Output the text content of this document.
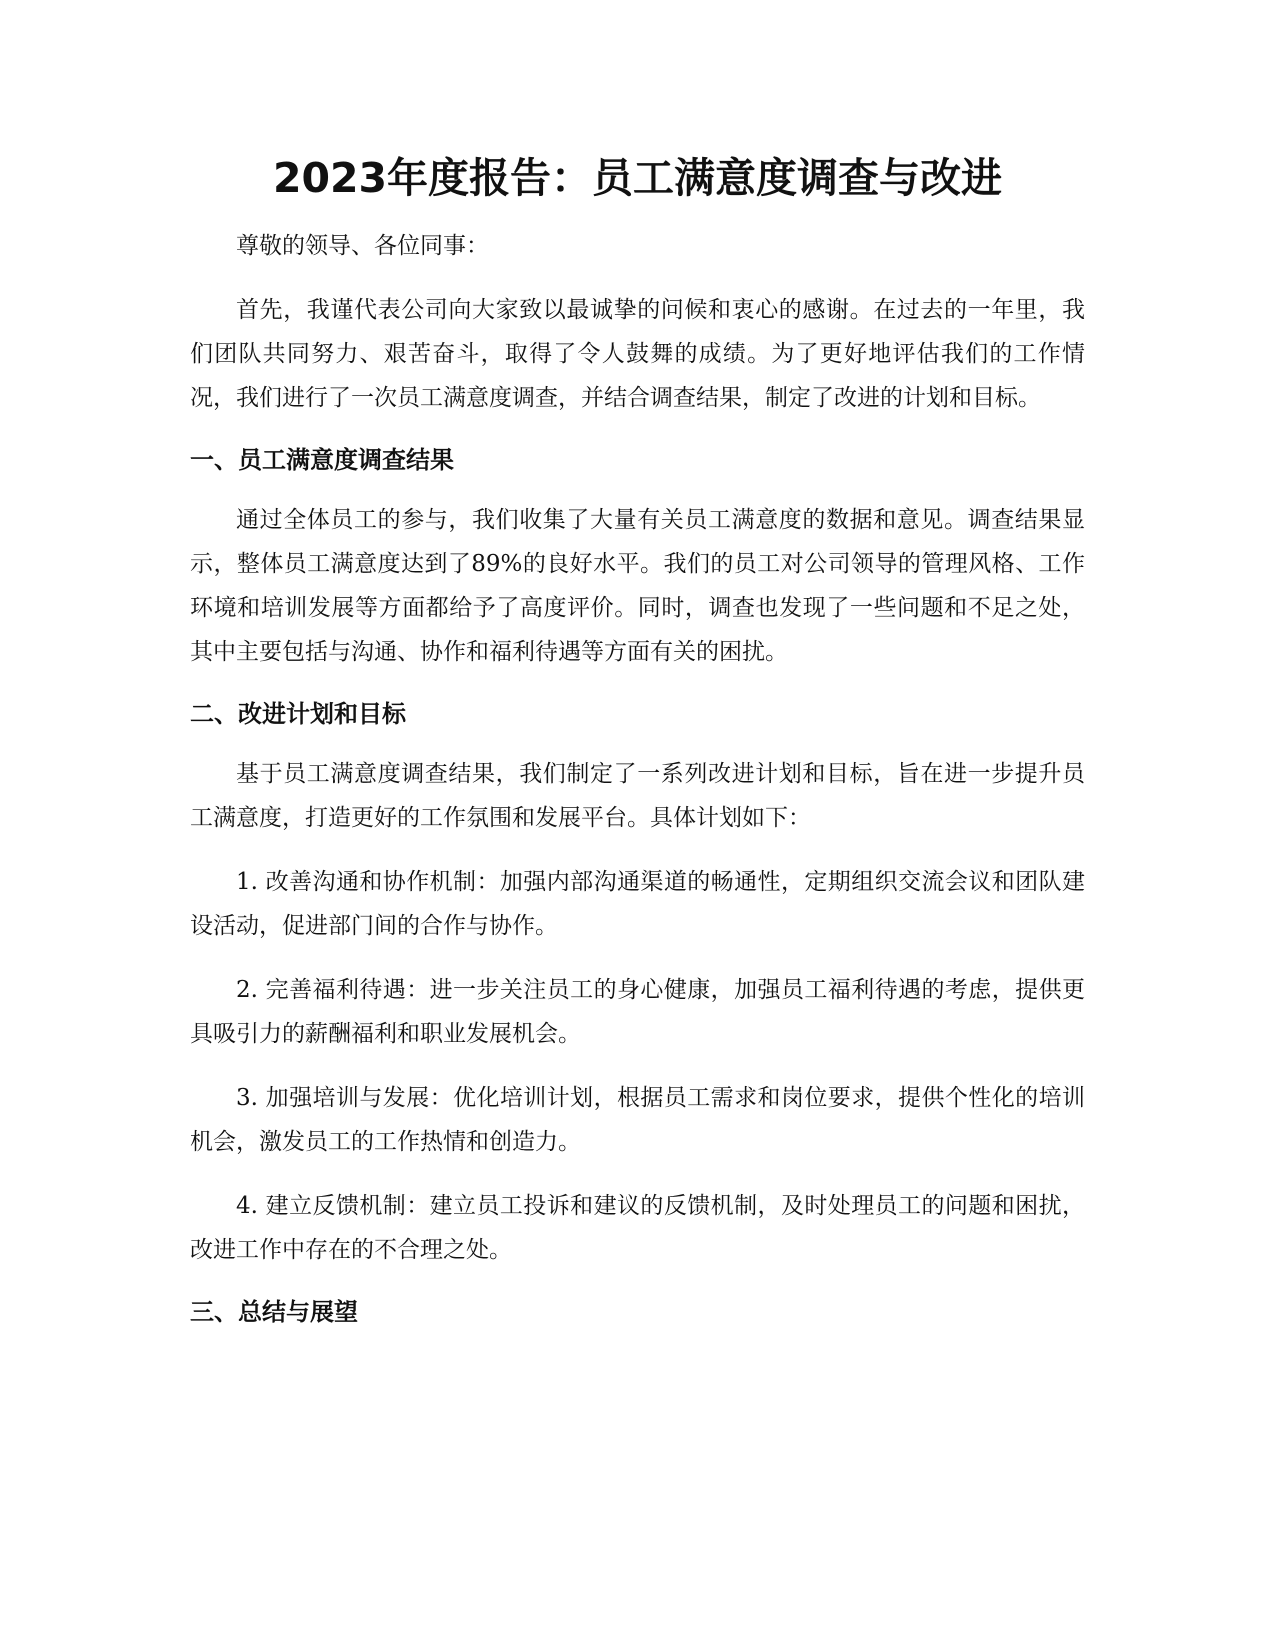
2023年度报告：员工满意度调查与改进

尊敬的领导、各位同事：

首先，我谨代表公司向大家致以最诚挚的问候和衷心的感谢。在过去的一年里，我们团队共同努力、艰苦奋斗，取得了令人鼓舞的成绩。为了更好地评估我们的工作情况，我们进行了一次员工满意度调查，并结合调查结果，制定了改进的计划和目标。

一、员工满意度调查结果

通过全体员工的参与，我们收集了大量有关员工满意度的数据和意见。调查结果显示，整体员工满意度达到了89%的良好水平。我们的员工对公司领导的管理风格、工作环境和培训发展等方面都给予了高度评价。同时，调查也发现了一些问题和不足之处，其中主要包括与沟通、协作和福利待遇等方面有关的困扰。

二、改进计划和目标

基于员工满意度调查结果，我们制定了一系列改进计划和目标，旨在进一步提升员工满意度，打造更好的工作氛围和发展平台。具体计划如下：

1. 改善沟通和协作机制：加强内部沟通渠道的畅通性，定期组织交流会议和团队建设活动，促进部门间的合作与协作。

2. 完善福利待遇：进一步关注员工的身心健康，加强员工福利待遇的考虑，提供更具吸引力的薪酬福利和职业发展机会。

3. 加强培训与发展：优化培训计划，根据员工需求和岗位要求，提供个性化的培训机会，激发员工的工作热情和创造力。

4. 建立反馈机制：建立员工投诉和建议的反馈机制，及时处理员工的问题和困扰，改进工作中存在的不合理之处。

三、总结与展望
